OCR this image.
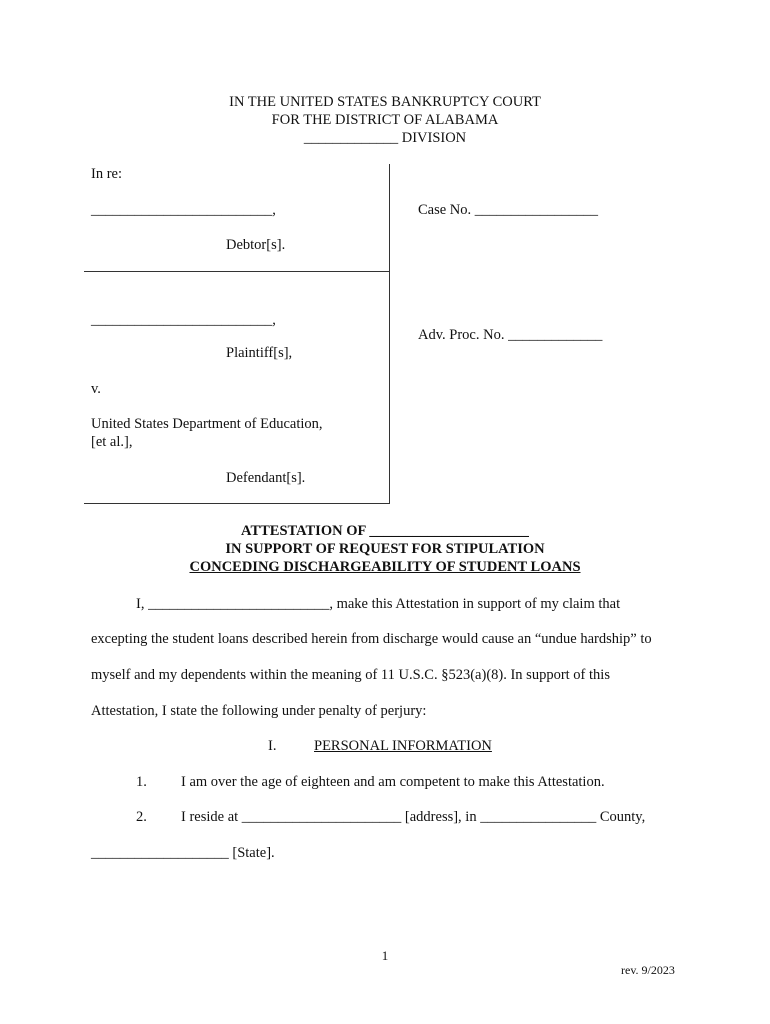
IN THE UNITED STATES BANKRUPTCY COURT
FOR THE DISTRICT OF ALABAMA
_____________ DIVISION
In re:
_________________________,
Debtor[s].
Case No. _________________
_________________________,
Plaintiff[s],
Adv. Proc. No. _____________
v.
United States Department of Education,
[et al.],
Defendant[s].
ATTESTATION OF ______________________
IN SUPPORT OF REQUEST FOR STIPULATION
CONCEDING DISCHARGEABILITY OF STUDENT LOANS
I, _________________________, make this Attestation in support of my claim that
excepting the student loans described herein from discharge would cause an “undue hardship” to
myself and my dependents within the meaning of 11 U.S.C. §523(a)(8). In support of this
Attestation, I state the following under penalty of perjury:
I.	PERSONAL INFORMATION
1. I am over the age of eighteen and am competent to make this Attestation.
2. I reside at ______________________ [address], in ________________ County,
___________________ [State].
1
rev. 9/2023
